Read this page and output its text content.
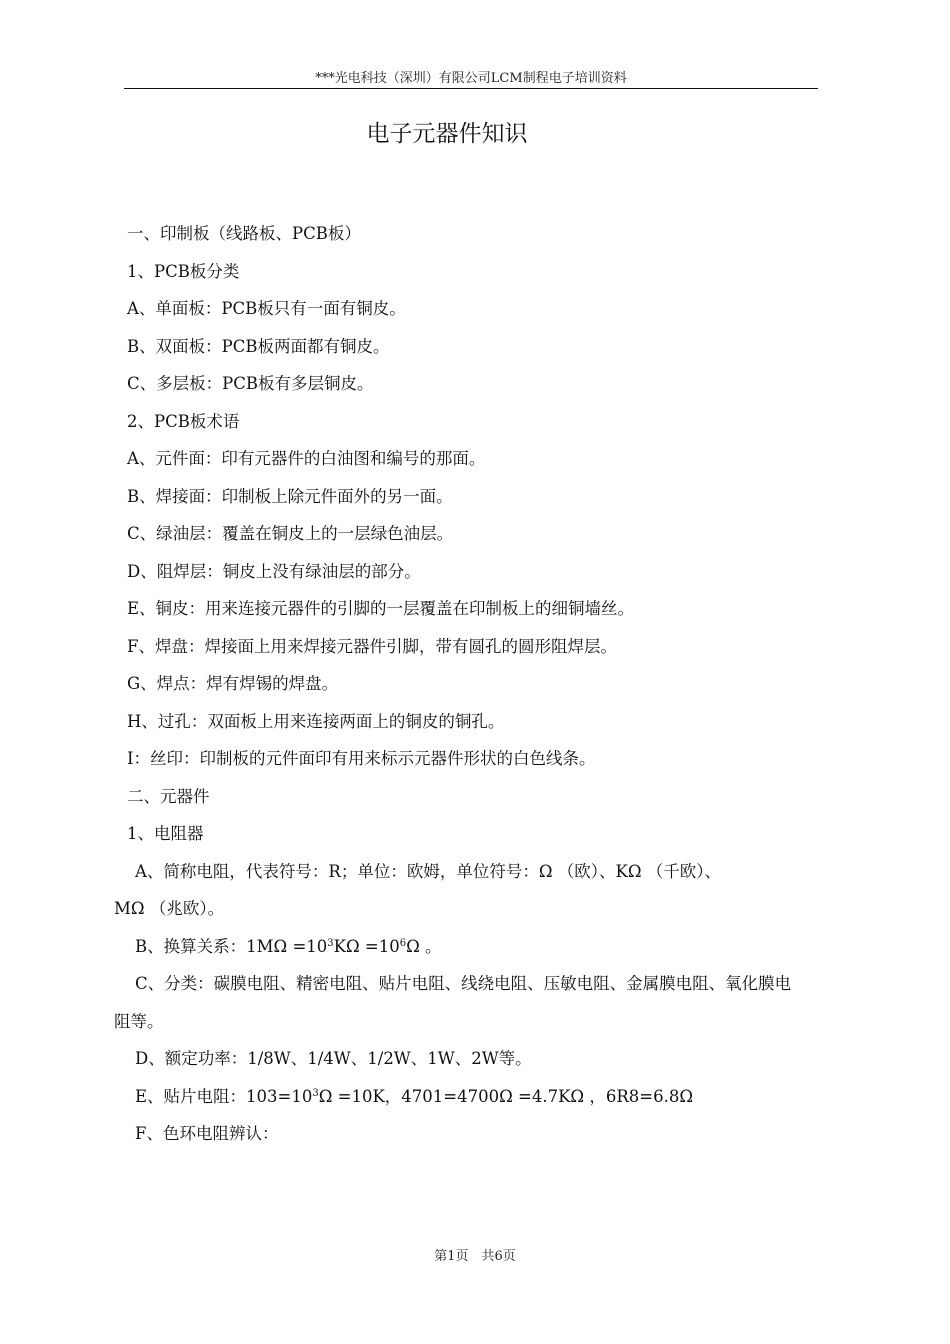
***光电科技（深圳）有限公司LCM制程电子培训资料
电子元器件知识
一、印制板（线路板、PCB板）
1、PCB板分类
A、单面板：PCB板只有一面有铜皮。
B、双面板：PCB板两面都有铜皮。
C、多层板：PCB板有多层铜皮。
2、PCB板术语
A、元件面：印有元器件的白油图和编号的那面。
B、焊接面：印制板上除元件面外的另一面。
C、绿油层：覆盖在铜皮上的一层绿色油层。
D、阻焊层：铜皮上没有绿油层的部分。
E、铜皮：用来连接元器件的引脚的一层覆盖在印制板上的细铜墙丝。
F、焊盘：焊接面上用来焊接元器件引脚，带有圆孔的圆形阻焊层。
G、焊点：焊有焊锡的焊盘。
H、过孔：双面板上用来连接两面上的铜皮的铜孔。
I：丝印：印制板的元件面印有用来标示元器件形状的白色线条。
二、元器件
1、电阻器
A、简称电阻，代表符号：R；单位：欧姆，单位符号：Ω （欧）、KΩ （千欧）、
MΩ （兆欧）。
B、换算关系：$1M\Omega =10^3K\Omega =10^6\Omega$ 。
C、分类：碳膜电阻、精密电阻、贴片电阻、线绕电阻、压敏电阻、金属膜电阻、氧化膜电
阻等。
D、额定功率：1/8W、1/4W、1/2W、1W、2W等。
E、贴片电阻：$103=10^3\Omega =10K$，4701=4700Ω =4.7KΩ ，6R8=6.8Ω
F、色环电阻辨认：
第1页　共6页
